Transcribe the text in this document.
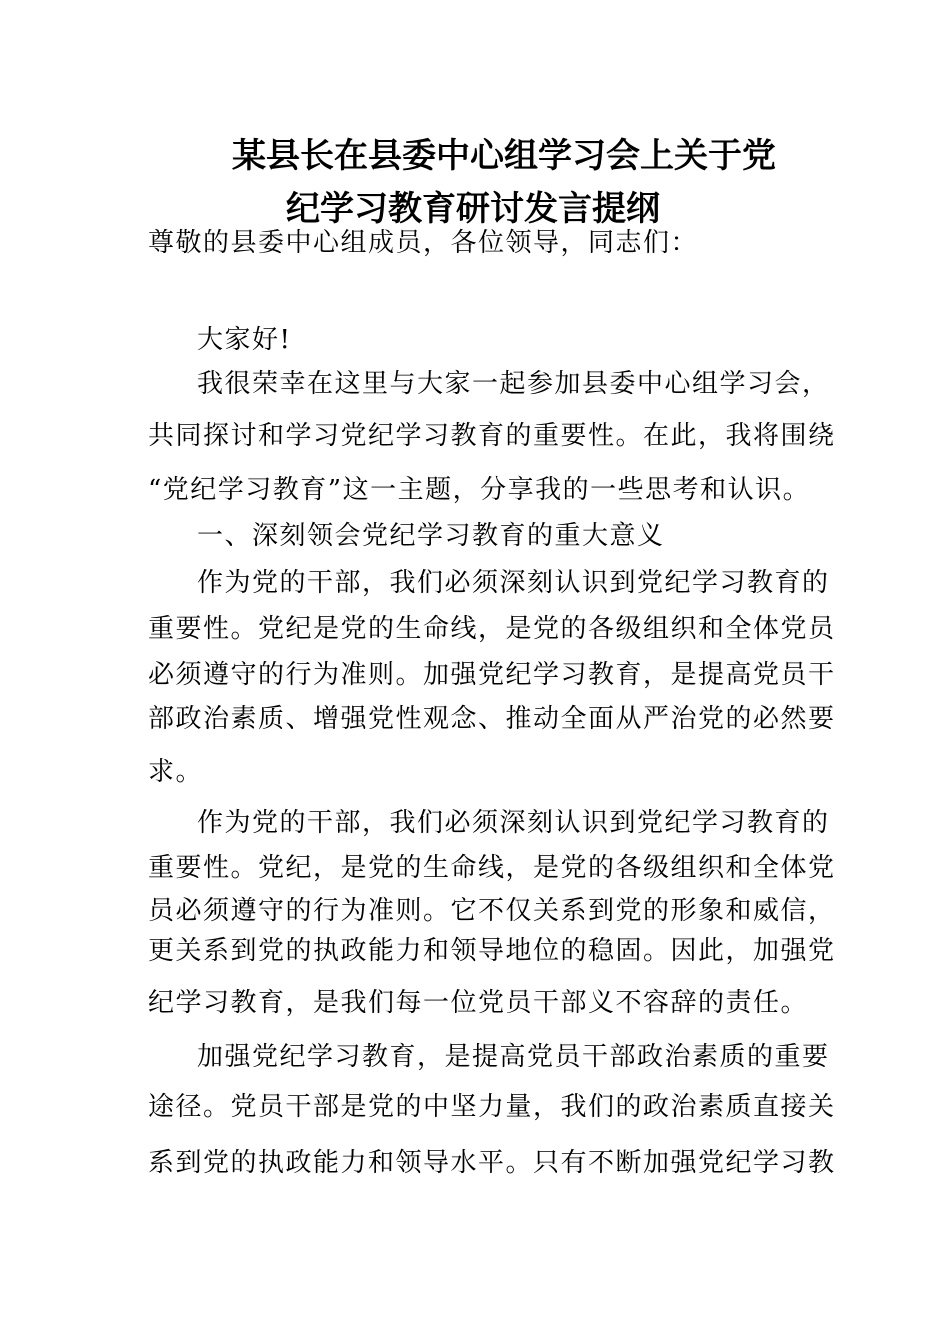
某县长在县委中心组学习会上关于党
纪学习教育研讨发言提纲
尊敬的县委中心组成员，各位领导，同志们：
大家好!
我很荣幸在这里与大家一起参加县委中心组学习会，
共同探讨和学习党纪学习教育的重要性。在此，我将围绕
“党纪学习教育”这一主题，分享我的一些思考和认识。
一、深刻领会党纪学习教育的重大意义
作为党的干部，我们必须深刻认识到党纪学习教育的
重要性。党纪是党的生命线，是党的各级组织和全体党员
必须遵守的行为准则。加强党纪学习教育，是提高党员干
部政治素质、增强党性观念、推动全面从严治党的必然要
求。
作为党的干部，我们必须深刻认识到党纪学习教育的
重要性。党纪，是党的生命线，是党的各级组织和全体党
员必须遵守的行为准则。它不仅关系到党的形象和威信，
更关系到党的执政能力和领导地位的稳固。因此，加强党
纪学习教育，是我们每一位党员干部义不容辞的责任。
加强党纪学习教育，是提高党员干部政治素质的重要
途径。党员干部是党的中坚力量，我们的政治素质直接关
系到党的执政能力和领导水平。只有不断加强党纪学习教
